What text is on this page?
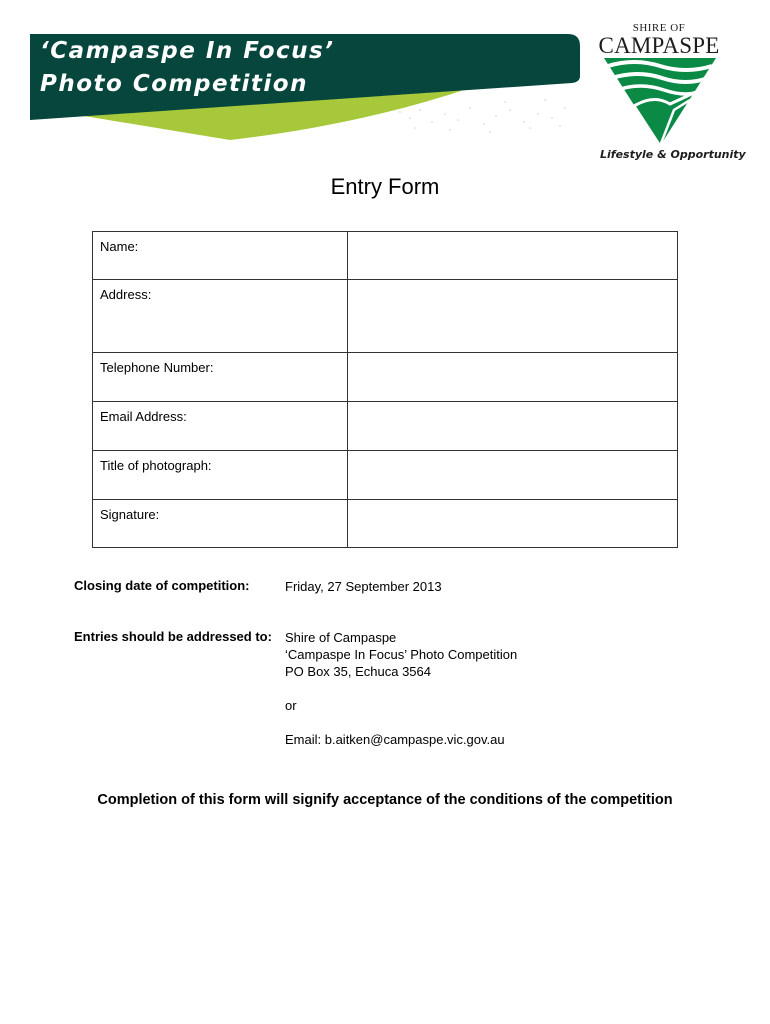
‘Campaspe In Focus’
Photo Competition
SHIRE OF
CAMPASPE
Lifestyle & Opportunity
Entry Form
Name:	
Address:	
Telephone Number:	
Email Address:	
Title of photograph:	
Signature:	
Closing date of competition:	Friday, 27 September 2013
Entries should be addressed to: Shire of Campaspe
‘Campaspe In Focus’ Photo Competition
PO Box 35, Echuca 3564
or
Email: b.aitken@campaspe.vic.gov.au
Completion of this form will signify acceptance of the conditions of the competition
